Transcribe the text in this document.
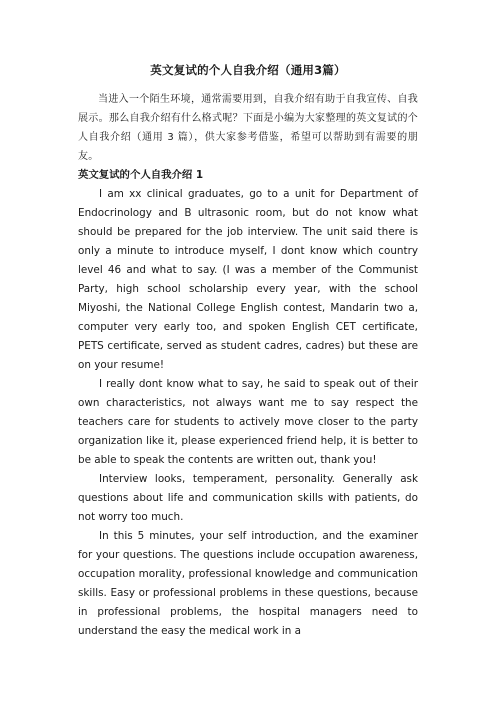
英文复试的个人自我介绍（通用3篇）

当进入一个陌生环境，通常需要用到，自我介绍有助于自我宣传、自我展示。那么自我介绍有什么格式呢？下面是小编为大家整理的英文复试的个人自我介绍（通用 3 篇），供大家参考借鉴，希望可以帮助到有需要的朋友。

英文复试的个人自我介绍 1

I am xx clinical graduates, go to a unit for Department of Endocrinology and B ultrasonic room, but do not know what should be prepared for the job interview. The unit said there is only a minute to introduce myself, I dont know which country level 46 and what to say. (I was a member of the Communist Party, high school scholarship every year, with the school Miyoshi, the National College English contest, Mandarin two a, computer very early too, and spoken English CET certificate, PETS certificate, served as student cadres, cadres) but these are on your resume!

I really dont know what to say, he said to speak out of their own characteristics, not always want me to say respect the teachers care for students to actively move closer to the party organization like it, please experienced friend help, it is better to be able to speak the contents are written out, thank you!

Interview looks, temperament, personality. Generally ask questions about life and communication skills with patients, do not worry too much.

In this 5 minutes, your self introduction, and the examiner for your questions. The questions include occupation awareness, occupation morality, professional knowledge and communication skills. Easy or professional problems in these questions, because in professional problems, the hospital managers need to understand the easy the medical work in a
